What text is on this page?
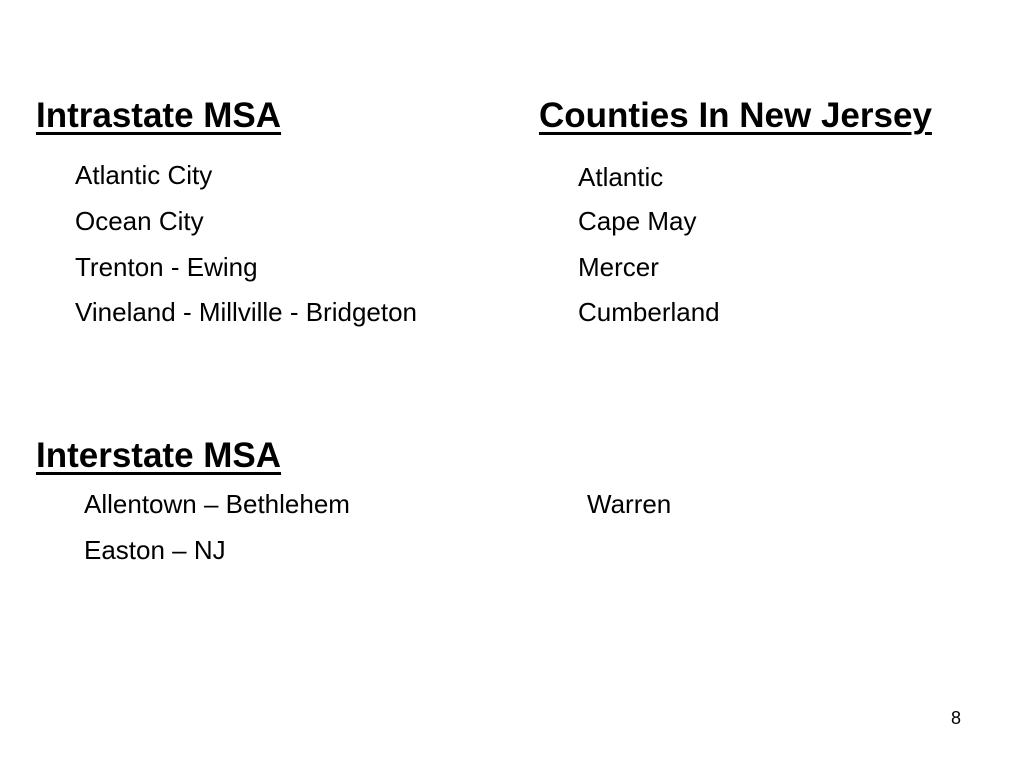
Intrastate MSA	Counties In New Jersey
Atlantic City
Ocean City
Trenton - Ewing
Vineland - Millville - Bridgeton
Atlantic
Cape May
Mercer
Cumberland
Interstate MSA
Allentown – Bethlehem
Easton – NJ
Warren
8
